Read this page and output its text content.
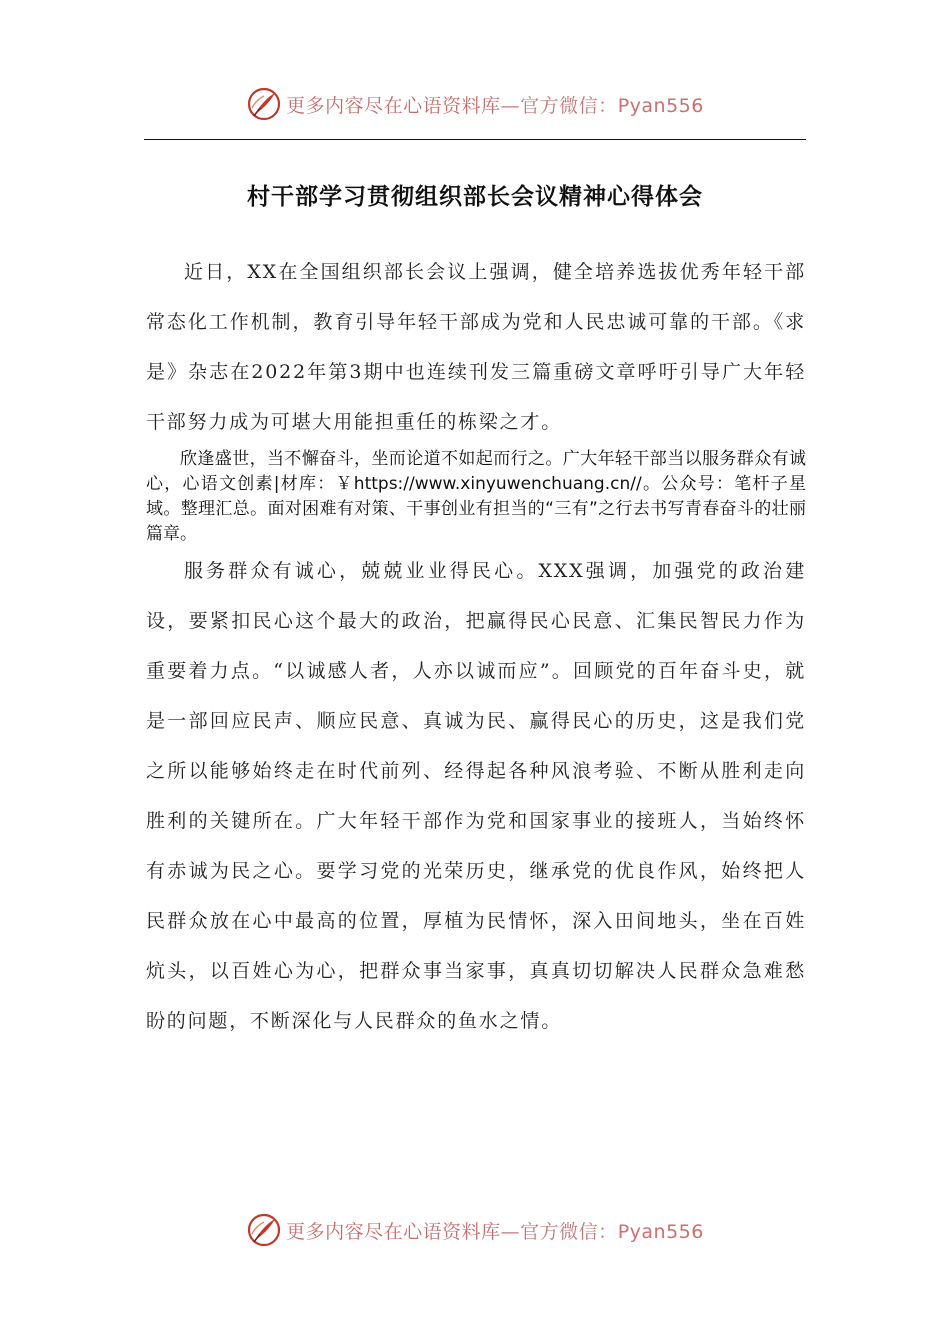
更多内容尽在心语资料库—官方微信：Pyan556
村干部学习贯彻组织部长会议精神心得体会

近日，XX在全国组织部长会议上强调，健全培养选拔优秀年轻干部常态化工作机制，教育引导年轻干部成为党和人民忠诚可靠的干部。《求是》杂志在2022年第3期中也连续刊发三篇重磅文章呼吁引导广大年轻干部努力成为可堪大用能担重任的栋梁之才。

欣逢盛世，当不懈奋斗，坐而论道不如起而行之。广大年轻干部当以服务群众有诚心，心语文创素|材库：￥https://www.xinyuwenchuang.cn//。公众号：笔杆子星域。整理汇总。面对困难有对策、干事创业有担当的“三有”之行去书写青春奋斗的壮丽篇章。

服务群众有诚心，兢兢业业得民心。XXX强调，加强党的政治建设，要紧扣民心这个最大的政治，把赢得民心民意、汇集民智民力作为重要着力点。“以诚感人者，人亦以诚而应”。回顾党的百年奋斗史，就是一部回应民声、顺应民意、真诚为民、赢得民心的历史，这是我们党之所以能够始终走在时代前列、经得起各种风浪考验、不断从胜利走向胜利的关键所在。广大年轻干部作为党和国家事业的接班人，当始终怀有赤诚为民之心。要学习党的光荣历史，继承党的优良作风，始终把人民群众放在心中最高的位置，厚植为民情怀，深入田间地头，坐在百姓炕头，以百姓心为心，把群众事当家事，真真切切解决人民群众急难愁盼的问题，不断深化与人民群众的鱼水之情。

更多内容尽在心语资料库—官方微信：Pyan556
